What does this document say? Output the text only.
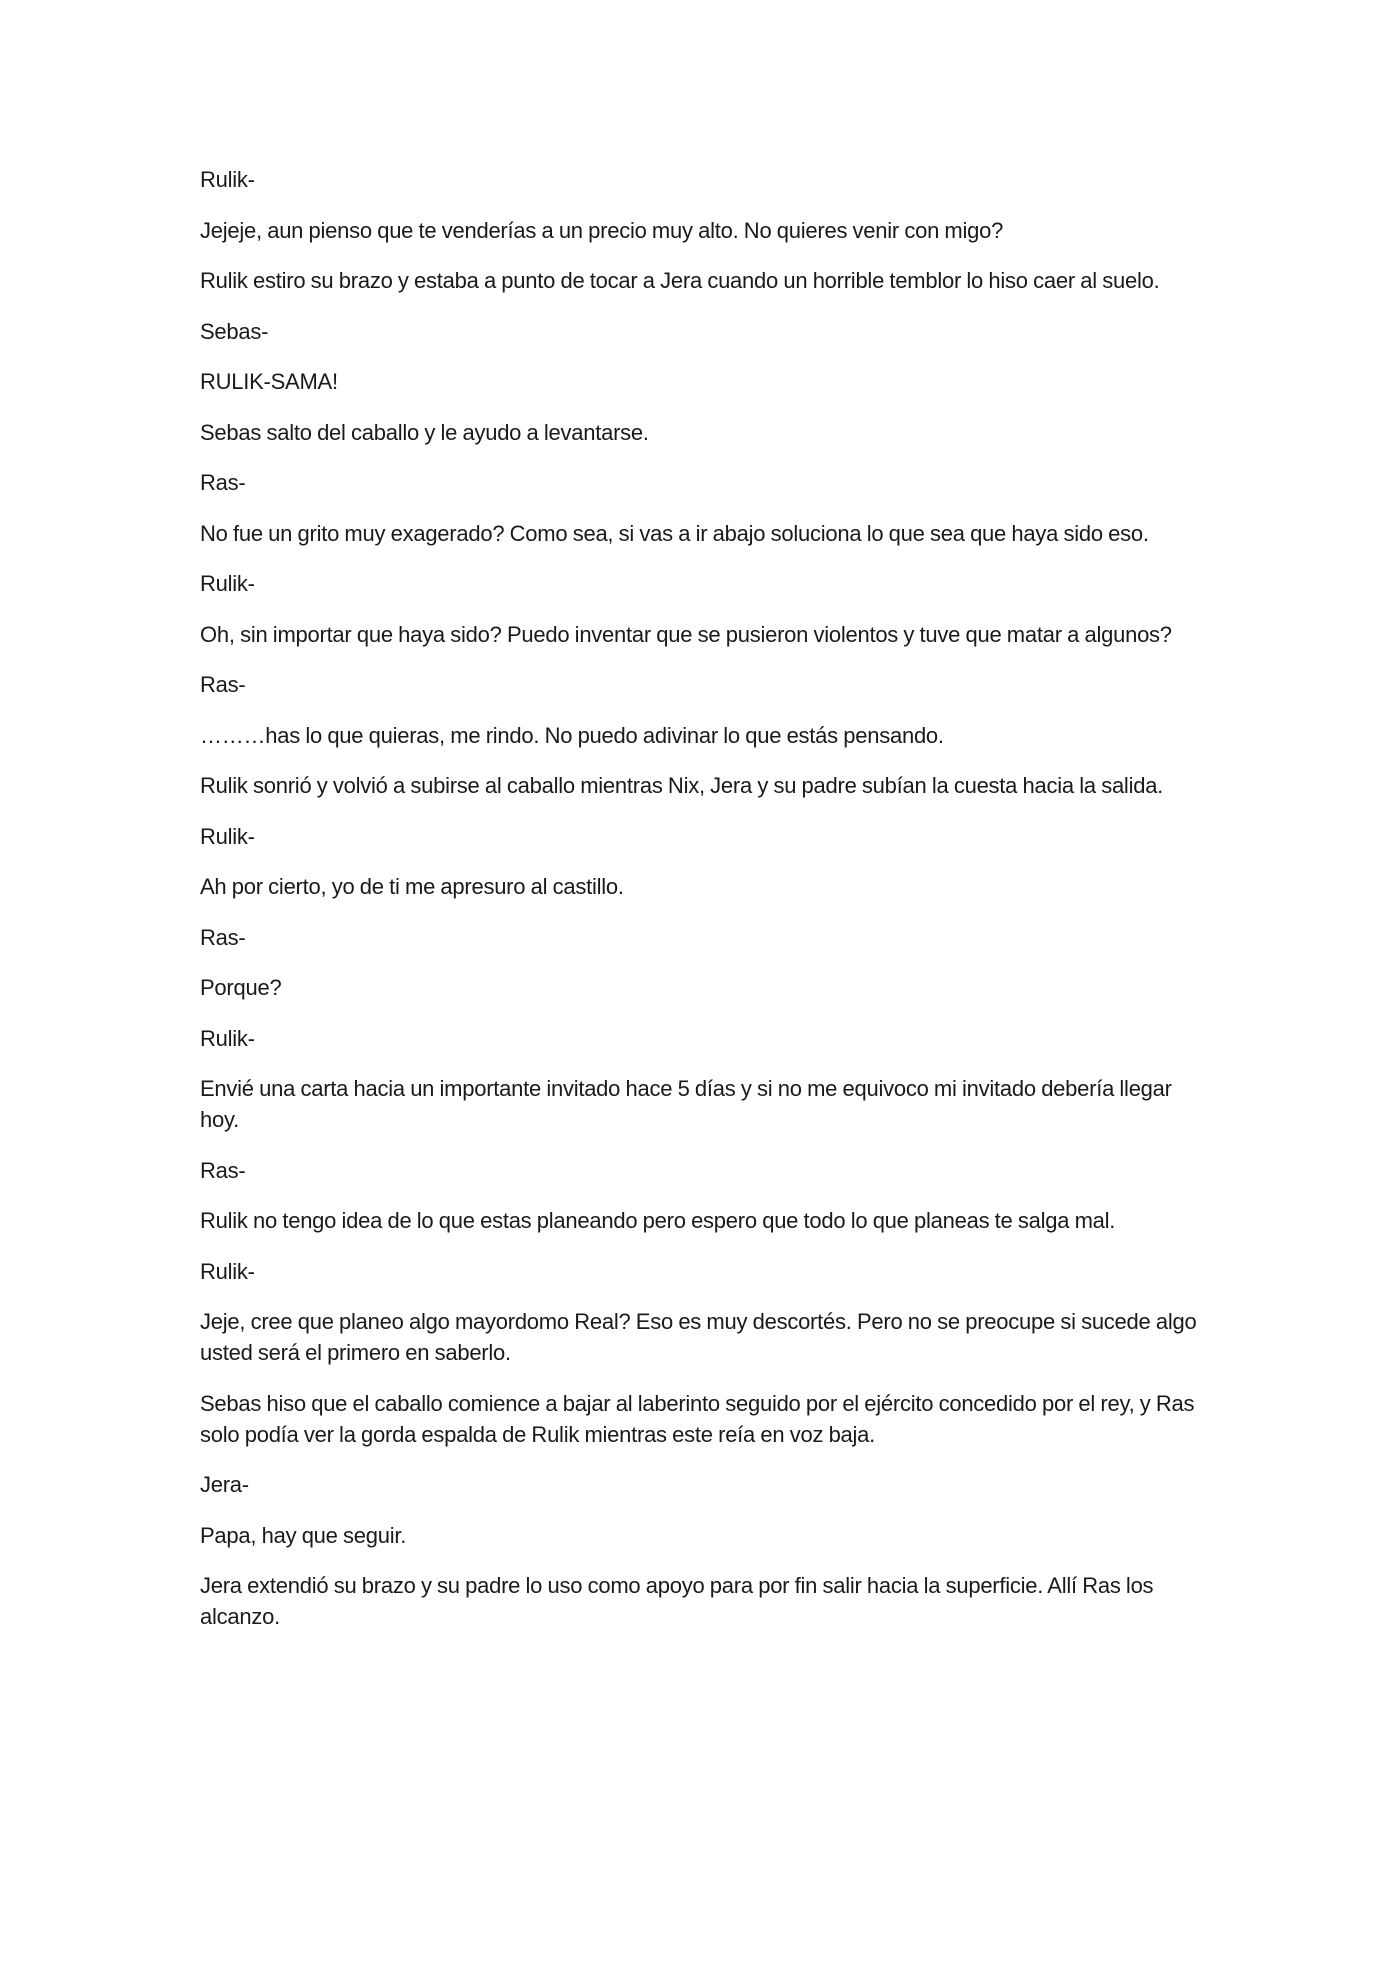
Rulik-

Jejeje, aun pienso que te venderías a un precio muy alto. No quieres venir con migo?

Rulik estiro su brazo y estaba a punto de tocar a Jera cuando un horrible temblor lo hiso caer al suelo.

Sebas-

RULIK-SAMA!

Sebas salto del caballo y le ayudo a levantarse.

Ras-

No fue un grito muy exagerado? Como sea, si vas a ir abajo soluciona lo que sea que haya sido eso.

Rulik-

Oh, sin importar que haya sido? Puedo inventar que se pusieron violentos y tuve que matar a algunos?

Ras-

………has lo que quieras, me rindo. No puedo adivinar lo que estás pensando.

Rulik sonrió y volvió a subirse al caballo mientras Nix, Jera y su padre subían la cuesta hacia la salida.

Rulik-

Ah por cierto, yo de ti me apresuro al castillo.

Ras-

Porque?

Rulik-

Envié una carta hacia un importante invitado hace 5 días y si no me equivoco mi invitado debería llegar hoy.

Ras-

Rulik no tengo idea de lo que estas planeando pero espero que todo lo que planeas te salga mal.

Rulik-

Jeje, cree que planeo algo mayordomo Real? Eso es muy descortés. Pero no se preocupe si sucede algo usted será el primero en saberlo.

Sebas hiso que el caballo comience a bajar al laberinto seguido por el ejército concedido por el rey, y Ras solo podía ver la gorda espalda de Rulik mientras este reía en voz baja.

Jera-

Papa, hay que seguir.

Jera extendió su brazo y su padre lo uso como apoyo para por fin salir hacia la superficie. Allí Ras los alcanzo.
